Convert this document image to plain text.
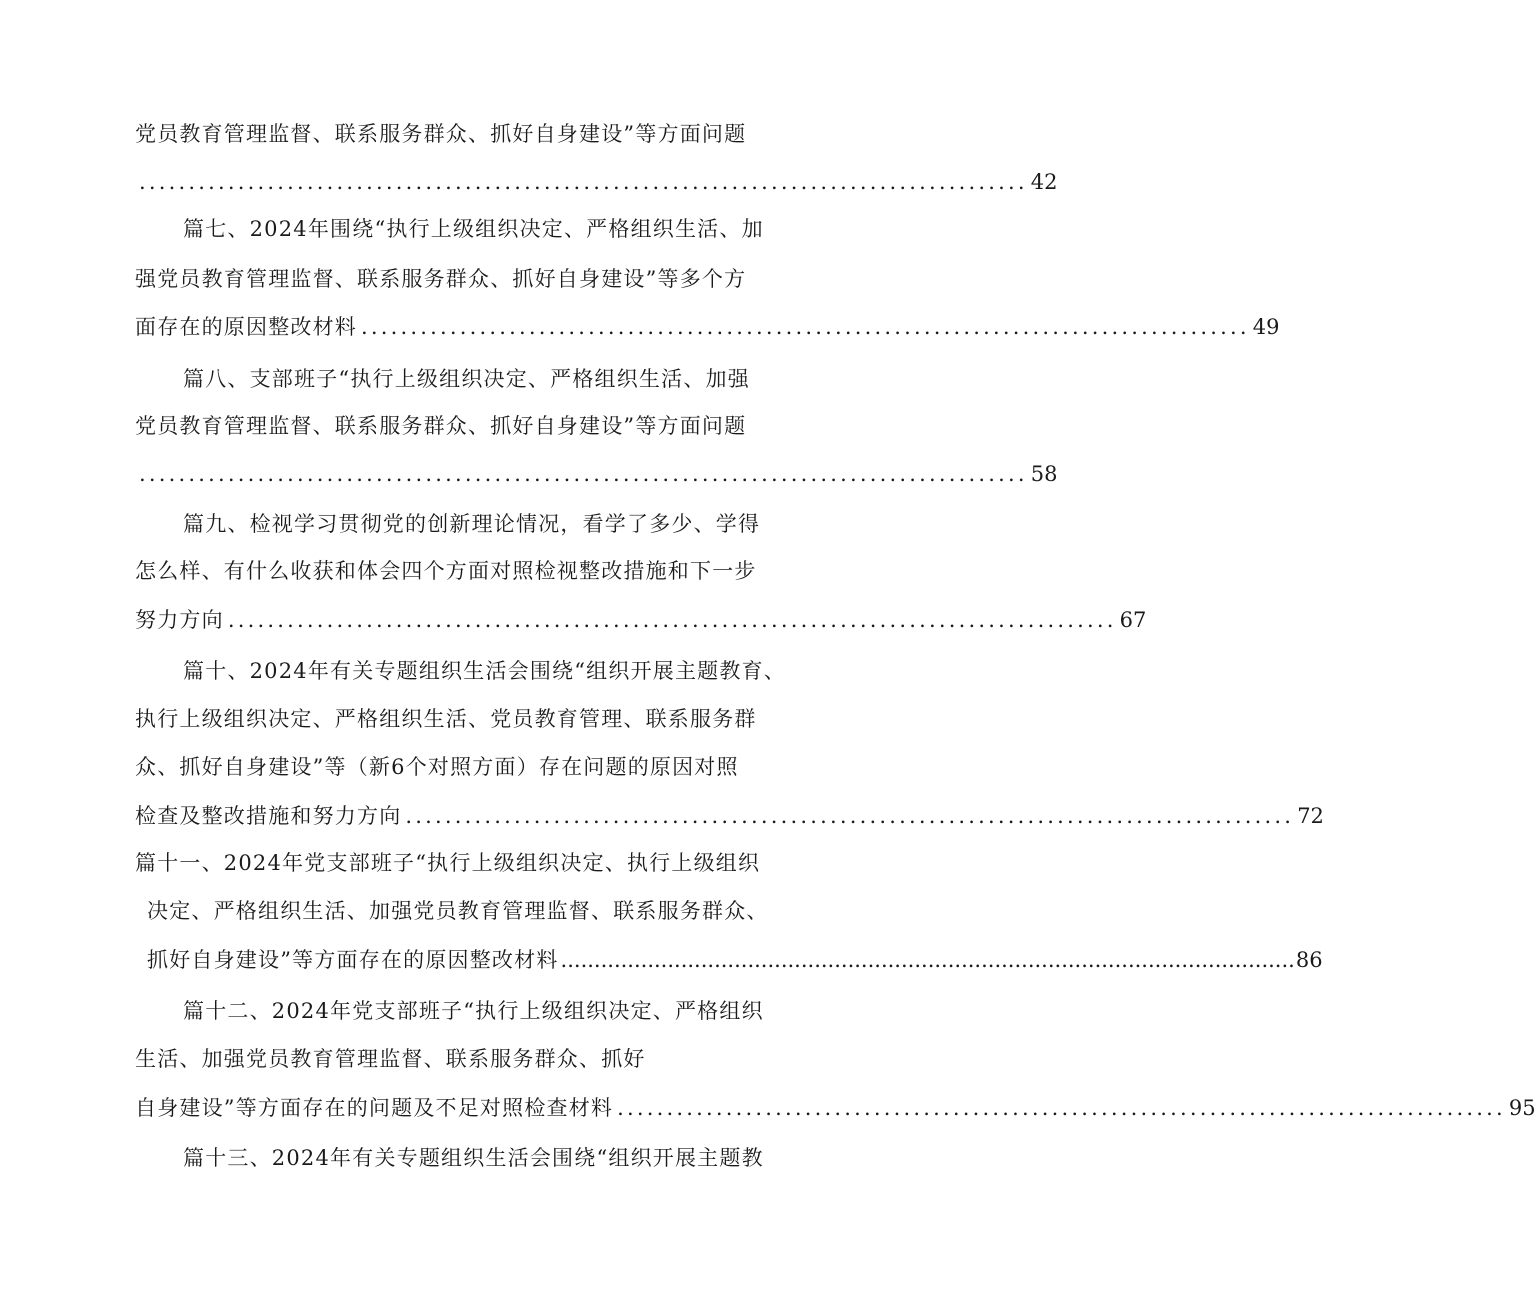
党员教育管理监督、联系服务群众、抓好自身建设”等方面问题
.......................................................................................... 42
篇七、2024年围绕“执行上级组织决定、严格组织生活、加
强党员教育管理监督、联系服务群众、抓好自身建设”等多个方
面存在的原因整改材料 .......................................................................................... 49
篇八、支部班子“执行上级组织决定、严格组织生活、加强
党员教育管理监督、联系服务群众、抓好自身建设”等方面问题
.......................................................................................... 58
篇九、检视学习贯彻党的创新理论情况，看学了多少、学得
怎么样、有什么收获和体会四个方面对照检视整改措施和下一步
努力方向 .......................................................................................... 67
篇十、2024年有关专题组织生活会围绕“组织开展主题教育、
执行上级组织决定、严格组织生活、党员教育管理、联系服务群
众、抓好自身建设”等（新6个对照方面）存在问题的原因对照
检查及整改措施和努力方向 .......................................................................................... 72
篇十一、2024年党支部班子“执行上级组织决定、执行上级组织
决定、严格组织生活、加强党员教育管理监督、联系服务群众、
抓好自身建设”等方面存在的原因整改材料 .............................................................................................................. 86
篇十二、2024年党支部班子“执行上级组织决定、严格组织
生活、加强党员教育管理监督、联系服务群众、抓好
自身建设”等方面存在的问题及不足对照检查材料 .......................................................................................... 95
篇十三、2024年有关专题组织生活会围绕“组织开展主题教
